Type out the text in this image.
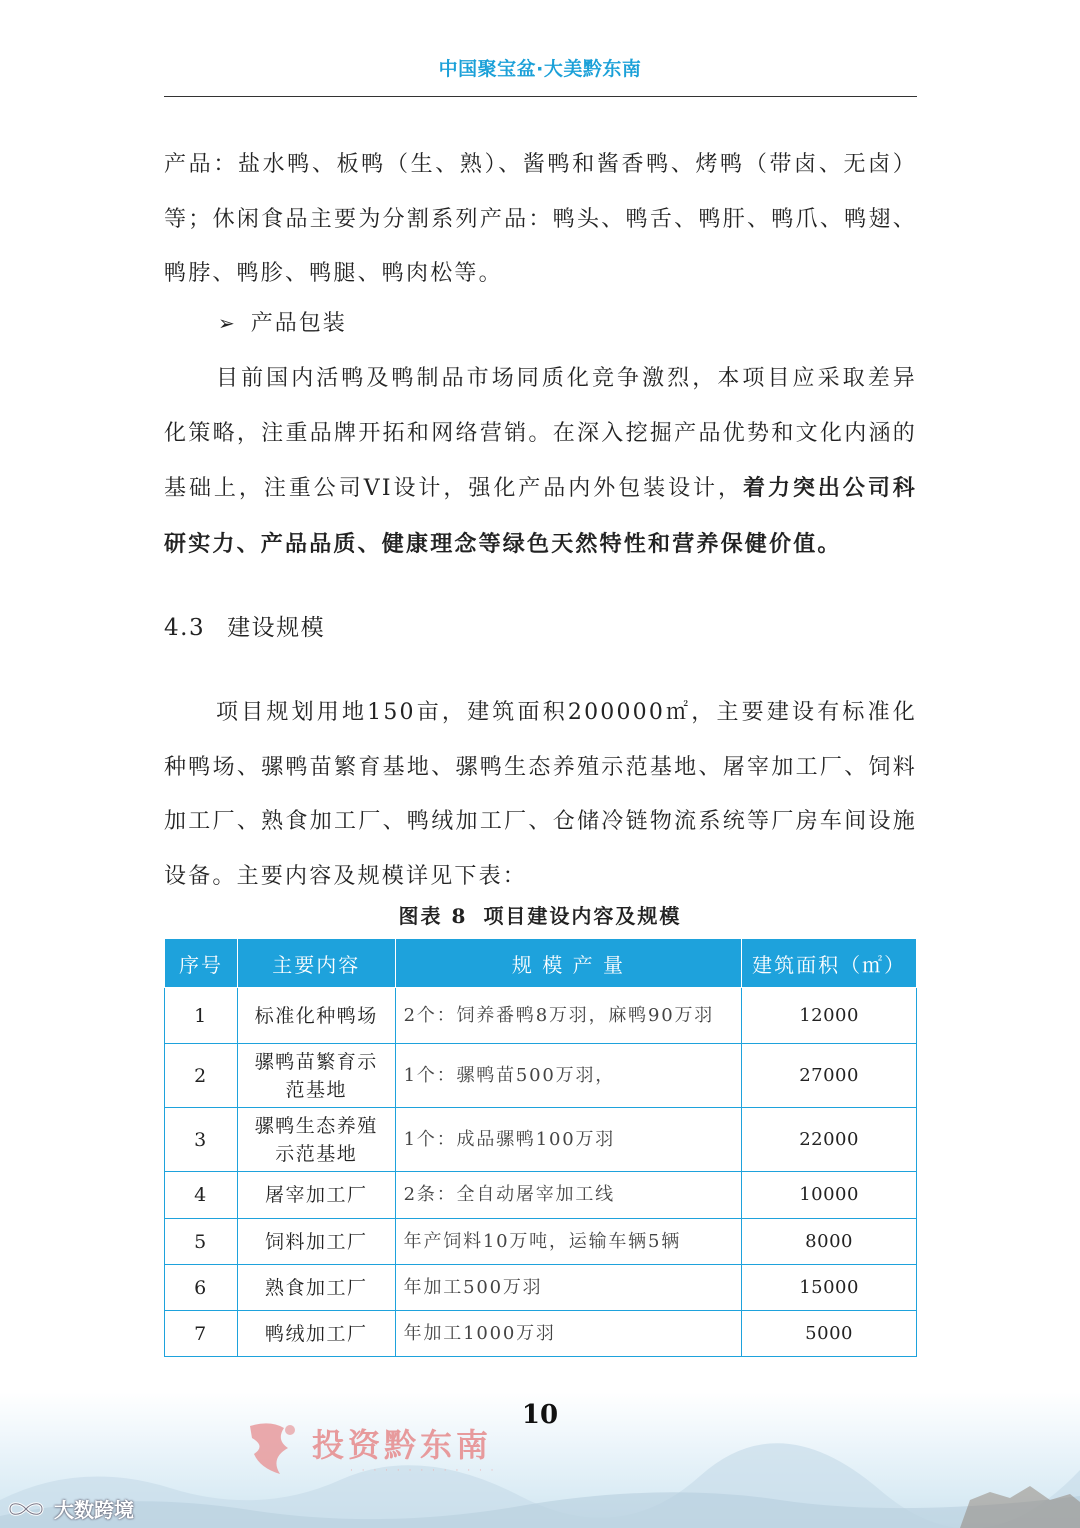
中国聚宝盆·大美黔东南

产品：盐水鸭、板鸭（生、熟）、酱鸭和酱香鸭、烤鸭（带卤、无卤）等；休闲食品主要为分割系列产品：鸭头、鸭舌、鸭肝、鸭爪、鸭翅、鸭脖、鸭胗、鸭腿、鸭肉松等。

➢ 产品包装

目前国内活鸭及鸭制品市场同质化竞争激烈，本项目应采取差异化策略，注重品牌开拓和网络营销。在深入挖掘产品优势和文化内涵的基础上，注重公司VI设计，强化产品内外包装设计，着力突出公司科研实力、产品品质、健康理念等绿色天然特性和营养保健价值。

4.3 建设规模

项目规划用地150亩，建筑面积200000㎡，主要建设有标准化种鸭场、骡鸭苗繁育基地、骡鸭生态养殖示范基地、屠宰加工厂、饲料加工厂、熟食加工厂、鸭绒加工厂、仓储冷链物流系统等厂房车间设施设备。主要内容及规模详见下表：

图表 8 项目建设内容及规模
序号	主要内容	规 模 产 量	建筑面积（㎡）
1	标准化种鸭场	2个：饲养番鸭8万羽，麻鸭90万羽	12000
2	骡鸭苗繁育示范基地	1个：骡鸭苗500万羽，	27000
3	骡鸭生态养殖示范基地	1个：成品骡鸭100万羽	22000
4	屠宰加工厂	2条：全自动屠宰加工线	10000
5	饲料加工厂	年产饲料10万吨，运输车辆5辆	8000
6	熟食加工厂	年加工500万羽	15000
7	鸭绒加工厂	年加工1000万羽	5000
10
投资黔东南
· · · · · · · · · · · · ·
大数跨境
